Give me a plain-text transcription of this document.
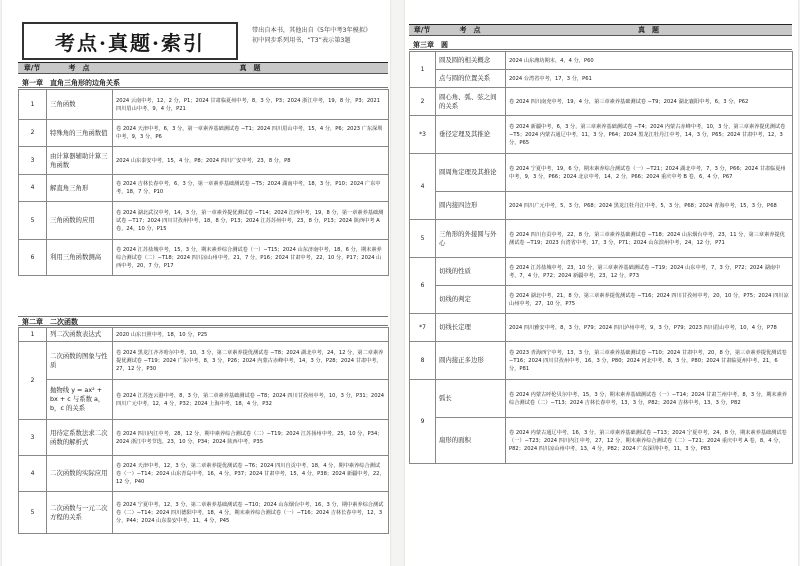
考点·真题·索引	带出自本书，其他出自《5年中考3年模拟》
初中同步系列用书，“T3”表示第3题
章/节	考　点	真　题
第一章　直角三角形的边角关系
1	三角函数	2024 云南中考，12，2 分，P1；2024 甘肃临夏州中考，8，3 分，P3；2024 浙江中考，19，8 分，P3；2021 四川眉山中考，9，4 分，P21
2	特殊角的三角函数值	卷 2024 天津中考，6，3 分，第一章素养基础测试卷 −T1；2024 四川眉山中考，15，4 分，P6；2023 广东深圳中考，9，3 分，P6
3	由计算器辅助计算三角函数	2024 山东泰安中考，15，4 分，P8；2024 四川广安中考，23，8 分，P8
4	解直角三角形	卷 2024 吉林长春中考，6，3 分，第一章素养基础测试卷 −T5；2024 湖南中考，18，3 分，P10；2024 广东中考，18，7 分，P10
5	三角函数的应用	卷 2024 湖北武汉中考，14，3 分，第一章素养提优测试卷 −T14；2024 江西中考，19，8 分，第一章素养基础测试卷 −T17；2024 四川甘孜州中考，18，8 分，P13；2024 江苏苏州中考，23，8 分，P13；2024 陕西中考 A 卷，24，10 分，P15
6	利用三角函数测高	卷 2024 江苏盐城中考，15，3 分，期末素养综合测试卷（一）−T15；2024 山东济南中考，18，6 分，期末素养综合测试卷（二）−T18；2024 四川凉山州中考，21，7 分，P16；2024 甘肃中考，22，10 分，P17；2024 山西中考，20，7 分，P17
第二章　二次函数
1	列二次函数表达式	2020 山东日照中考，18，10 分，P25
2	二次函数的图象与性质	卷 2024 黑龙江齐齐哈尔中考，10，3 分，第二章素养提优测试卷 −T8；2024 湖北中考，24，12 分，第二章素养提优测试卷 −T19；2024 广东中考，8，3 分，P26；2024 内蒙古赤峰中考，14，3 分，P28；2024 甘肃中考，27，12 分，P30
	抛物线 y = ax² + bx + c 与系数 a，b，c 的关系	卷 2024 江苏连云港中考，8，3 分，第二章素养基础测试卷 −T8；2024 四川甘孜州中考，10，3 分，P31；2024 四川广元中考，12，4 分，P32；2024 上海中考，18，4 分，P32
3	用待定系数法求二次函数的解析式	卷 2024 四川内江中考，28，12 分，期中素养综合测试卷（二）−T19；2024 江苏扬州中考，25，10 分，P34；2024 浙江中考节选，23，10 分，P34；2024 陕西中考，P35
4	二次函数的实际应用	卷 2024 天津中考，12，3 分，第二章素养提优测试卷 −T6；2024 四川自贡中考，18，4 分，期中素养综合测试卷（一）−T14；2024 山东青岛中考，16，4 分，P37；2024 甘肃中考，15，4 分，P38；2024 新疆中考，22，12 分，P40
5	二次函数与一元二次方程的关系	卷 2024 宁夏中考，12，3 分，第二章素养基础测试卷 −T10；2024 山东烟台中考，16，3 分，期中素养综合测试卷（二）−T14；2024 四川德阳中考，18，4 分，期末素养综合测试卷（一）−T16；2024 吉林长春中考，12，3 分，P44；2024 山东泰安中考，11，4 分，P45
章/节	考　点	真　题
第三章　圆
1	圆及圆的相关概念	2024 山东潍坊期末，4，4 分，P60
	点与圆的位置关系	2024 台湾省中考，17，3 分，P61
2	圆心角、弧、弦之间的关系	卷 2024 四川南充中考，19，4 分，第三章素养基础测试卷 −T9；2024 湖北襄阳中考，6，3 分，P62
*3	垂径定理及其推论	卷 2024 新疆中考，6，3 分，第三章素养基础测试卷 −T4；2024 内蒙古赤峰中考，10，3 分，第三章素养提优测试卷 −T5；2024 内蒙古通辽中考，11，3 分，P64；2024 黑龙江牡丹江中考，14，3 分，P65；2024 甘肃中考，12，3 分，P65
4	圆周角定理及其推论	卷 2024 宁夏中考，19，6 分，期末素养综合测试卷（一）−T21；2024 湖北中考，7，3 分，P66；2024 甘肃临夏州中考，9，3 分，P66；2024 北京中考，14，2 分，P66；2024 重庆中考 B 卷，6，4 分，P67
	圆内接四边形	2024 四川广元中考，5，3 分，P68；2024 黑龙江牡丹江中考，5，3 分，P68；2024 青海中考，15，3 分，P68
5	三角形的外接圆与外心	卷 2024 四川自贡中考，22，8 分，第三章素养基础测试卷 −T18；2024 山东烟台中考，23，11 分，第三章素养提优测试卷 −T19；2023 台湾省中考，17，3 分，P71；2024 山东滨州中考，24，12 分，P71
6	切线的性质	卷 2024 江苏盐城中考，23，10 分，第三章素养基础测试卷 −T19；2024 山东中考，7，3 分，P72；2024 湖南中考，7，4 分，P72；2024 新疆中考，23，12 分，P73
	切线的判定	卷 2024 湖北中考，21，8 分，第三章素养提优测试卷 −T16；2024 四川甘孜州中考，20，10 分，P75；2024 四川凉山州中考，27，10 分，P75
*7	切线长定理	2024 四川雅安中考，8，3 分，P79；2024 四川泸州中考，9，3 分，P79；2023 四川眉山中考，10，4 分，P78
8	圆内接正多边形	卷 2023 青海西宁中考，13，3 分，第三章素养基础测试卷 −T10；2024 甘肃中考，20，8 分，第三章素养提优测试卷 −T16；2024 四川甘孜州中考，16，3 分，P80；2024 河北中考，8，3 分，P80；2024 甘肃临夏州中考，21，6 分，P81
9	弧长	卷 2024 内蒙古呼伦贝尔中考，15，3 分，期末素养基础测试卷（一）−T14；2024 甘肃兰州中考，8，3 分，期末素养综合测试卷（二）−T13；2024 吉林长春中考，13，3 分，P82；2024 吉林中考，13，3 分，P82
	扇形的面积	卷 2024 内蒙古通辽中考，16，3 分，第三章素养基础测试卷 −T13；2024 宁夏中考，24，8 分，期末素养基础测试卷（一）−T23；2024 四川内江中考，27，12 分，期末素养综合测试卷（二）−T21；2024 重庆中考 A 卷，8，4 分，P82；2024 四川凉山州中考，13，4 分，P82；2024 广东深圳中考，11，3 分，P83
